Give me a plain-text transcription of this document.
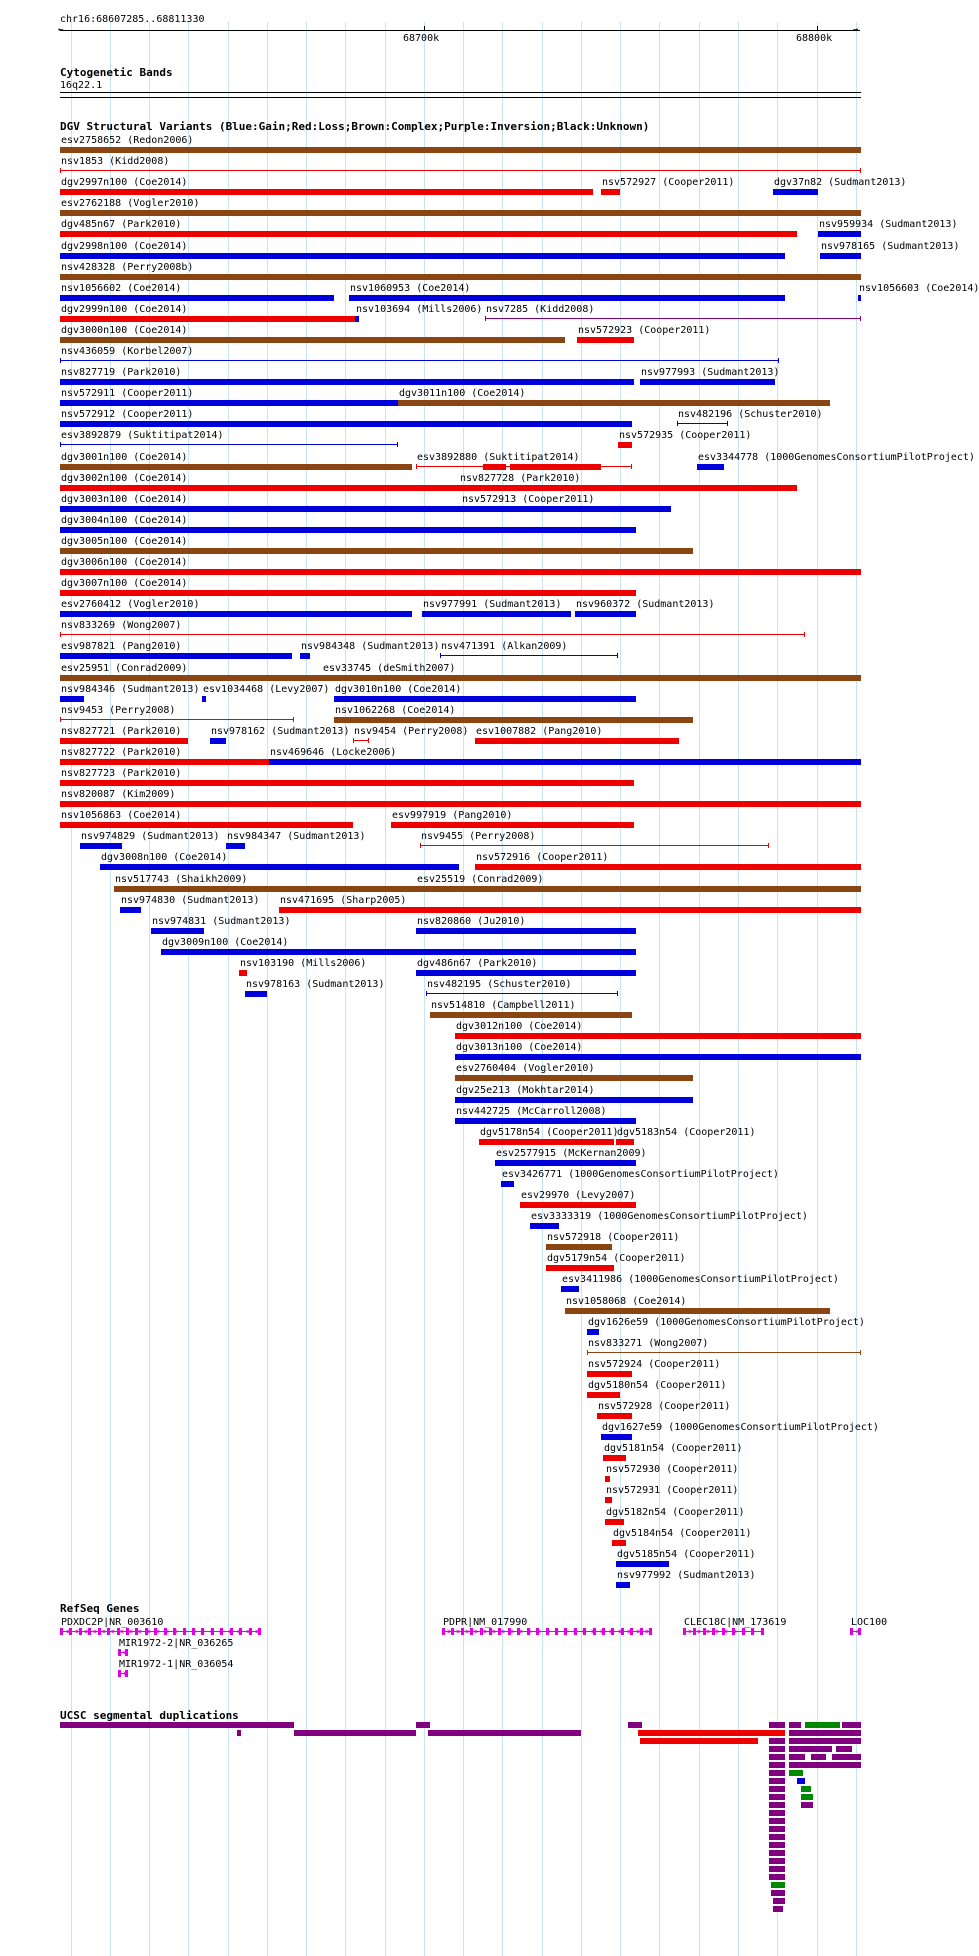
chr16:68607285..68811330
←	→
68700k	68800k
Cytogenetic Bands
16q22.1
DGV Structural Variants (Blue:Gain;Red:Loss;Brown:Complex;Purple:Inversion;Black:Unknown)
esv2758652 (Redon2006)
nsv1853 (Kidd2008)
dgv2997n100 (Coe2014)	nsv572927 (Cooper2011)	dgv37n82 (Sudmant2013)
esv2762188 (Vogler2010)
dgv485n67 (Park2010)	nsv959934 (Sudmant2013)
dgv2998n100 (Coe2014)	nsv978165 (Sudmant2013)
nsv428328 (Perry2008b)
nsv1056602 (Coe2014)	nsv1060953 (Coe2014)	nsv1056603 (Coe2014)
dgv2999n100 (Coe2014)	nsv103694 (Mills2006) nsv7285 (Kidd2008)
dgv3000n100 (Coe2014)	nsv572923 (Cooper2011)
nsv436059 (Korbel2007)
nsv827719 (Park2010)	nsv977993 (Sudmant2013)
nsv572911 (Cooper2011)	dgv3011n100 (Coe2014)
nsv572912 (Cooper2011)	nsv482196 (Schuster2010)
esv3892879 (Suktitipat2014)	nsv572935 (Cooper2011)
dgv3001n100 (Coe2014)	esv3892880 (Suktitipat2014)	esv3344778 (1000GenomesConsortiumPilotProject)
dgv3002n100 (Coe2014)	nsv827728 (Park2010)
dgv3003n100 (Coe2014)	nsv572913 (Cooper2011)
dgv3004n100 (Coe2014)
dgv3005n100 (Coe2014)
dgv3006n100 (Coe2014)
dgv3007n100 (Coe2014)
esv2760412 (Vogler2010)	nsv977991 (Sudmant2013) nsv960372 (Sudmant2013)
nsv833269 (Wong2007)
esv987821 (Pang2010)	nsv984348 (Sudmant2013) nsv471391 (Alkan2009)
esv25951 (Conrad2009)	esv33745 (deSmith2007)
nsv984346 (Sudmant2013) esv1034468 (Levy2007) dgv3010n100 (Coe2014)
nsv9453 (Perry2008)	nsv1062268 (Coe2014)
nsv827721 (Park2010)	nsv978162 (Sudmant2013) nsv9454 (Perry2008) esv1007882 (Pang2010)
nsv827722 (Park2010)	nsv469646 (Locke2006)
nsv827723 (Park2010)
nsv820087 (Kim2009)
nsv1056863 (Coe2014)	esv997919 (Pang2010)
nsv974829 (Sudmant2013) nsv984347 (Sudmant2013)	nsv9455 (Perry2008)
dgv3008n100 (Coe2014)	nsv572916 (Cooper2011)
nsv517743 (Shaikh2009)	esv25519 (Conrad2009)
nsv974830 (Sudmant2013) nsv471695 (Sharp2005)
nsv974831 (Sudmant2013)	nsv820860 (Ju2010)
dgv3009n100 (Coe2014)
nsv103190 (Mills2006)	dgv486n67 (Park2010)
nsv978163 (Sudmant2013)	nsv482195 (Schuster2010)
nsv514810 (Campbell2011)
dgv3012n100 (Coe2014)
dgv3013n100 (Coe2014)
esv2760404 (Vogler2010)
dgv25e213 (Mokhtar2014)
nsv442725 (McCarroll2008)
dgv5178n54 (Cooper2011)
dgv5183n54 (Cooper2011)
esv2577915 (McKernan2009)
esv3426771 (1000GenomesConsortiumPilotProject)
esv29970 (Levy2007)
esv3333319 (1000GenomesConsortiumPilotProject)
nsv572918 (Cooper2011)
dgv5179n54 (Cooper2011)
esv3411986 (1000GenomesConsortiumPilotProject)
nsv1058068 (Coe2014)
dgv1626e59 (1000GenomesConsortiumPilotProject)
nsv833271 (Wong2007)
nsv572924 (Cooper2011)
dgv5180n54 (Cooper2011)
nsv572928 (Cooper2011)
dgv1627e59 (1000GenomesConsortiumPilotProject)
dgv5181n54 (Cooper2011)
nsv572930 (Cooper2011)
nsv572931 (Cooper2011)
dgv5182n54 (Cooper2011)
dgv5184n54 (Cooper2011)
dgv5185n54 (Cooper2011)
nsv977992 (Sudmant2013)
RefSeq Genes
PDXDC2P|NR_003610
< < < < < < < < < < < < < < < < < < < < < <
PDPR|NM_017990
> > > > > > > > > > > > > > > > > > > > > > >
CLEC18C|NM_173619
> > > > > > > >
LOC100
<
MIR1972-2|NR_036265
>
MIR1972-1|NR_036054
>
UCSC segmental duplications
